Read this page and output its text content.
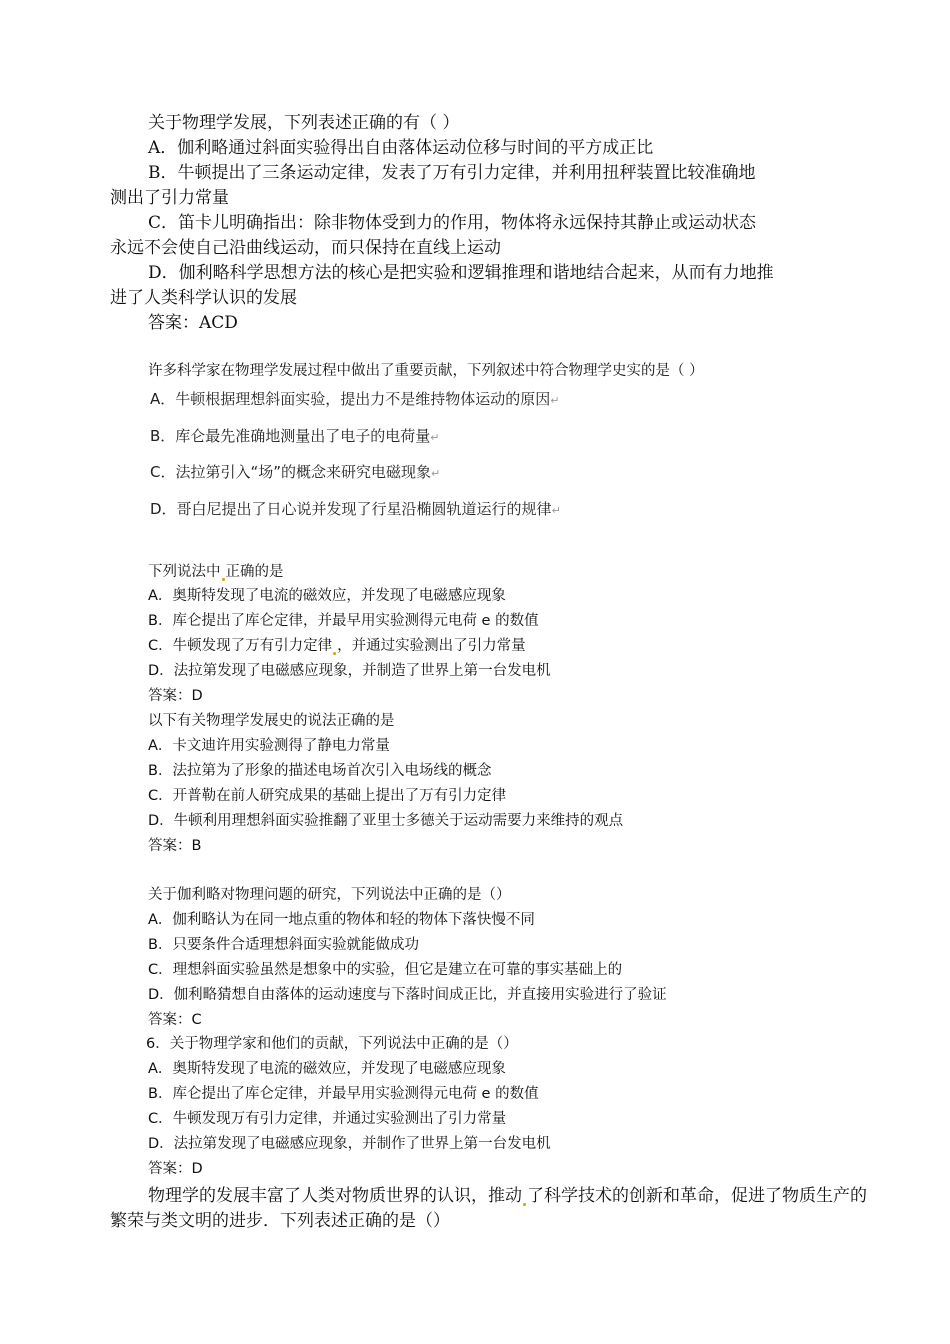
关于物理学发展，下列表述正确的有（ ）
A．伽利略通过斜面实验得出自由落体运动位移与时间的平方成正比
B．牛顿提出了三条运动定律，发表了万有引力定律，并利用扭秤装置比较准确地
测出了引力常量
C．笛卡儿明确指出：除非物体受到力的作用，物体将永远保持其静止或运动状态
永远不会使自己沿曲线运动，而只保持在直线上运动
D．伽利略科学思想方法的核心是把实验和逻辑推理和谐地结合起来，从而有力地推
进了人类科学认识的发展
答案：ACD
许多科学家在物理学发展过程中做出了重要贡献，下列叙述中符合物理学史实的是（ ）
A．牛顿根据理想斜面实验，提出力不是维持物体运动的原因↵
B．库仑最先准确地测量出了电子的电荷量↵
C．法拉第引入“场”的概念来研究电磁现象↵
D．哥白尼提出了日心说并发现了行星沿椭圆轨道运行的规律↵
下列说法中 正确的是
A．奥斯特发现了电流的磁效应，并发现了电磁感应现象
B．库仑提出了库仑定律，并最早用实验测得元电荷 e 的数值
C．牛顿发现了万有引力定律 ，并通过实验测出了引力常量
D．法拉第发现了电磁感应现象，并制造了世界上第一台发电机
答案：D
以下有关物理学发展史的说法正确的是
A．卡文迪许用实验测得了静电力常量
B．法拉第为了形象的描述电场首次引入电场线的概念
C．开普勒在前人研究成果的基础上提出了万有引力定律
D．牛顿利用理想斜面实验推翻了亚里士多德关于运动需要力来维持的观点
答案：B
关于伽利略对物理问题的研究，下列说法中正确的是（）
A．伽利略认为在同一地点重的物体和轻的物体下落快慢不同
B．只要条件合适理想斜面实验就能做成功
C．理想斜面实验虽然是想象中的实验，但它是建立在可靠的事实基础上的
D．伽利略猜想自由落体的运动速度与下落时间成正比，并直接用实验进行了验证
答案：C
6．关于物理学家和他们的贡献，下列说法中正确的是（）
A．奥斯特发现了电流的磁效应，并发现了电磁感应现象
B．库仑提出了库仑定律，并最早用实验测得元电荷 e 的数值
C．牛顿发现万有引力定律，并通过实验测出了引力常量
D．法拉第发现了电磁感应现象，并制作了世界上第一台发电机
答案：D
物理学的发展丰富了人类对物质世界的认识，推动 了科学技术的创新和革命，促进了物质生产的
繁荣与类文明的进步．下列表述正确的是（）
